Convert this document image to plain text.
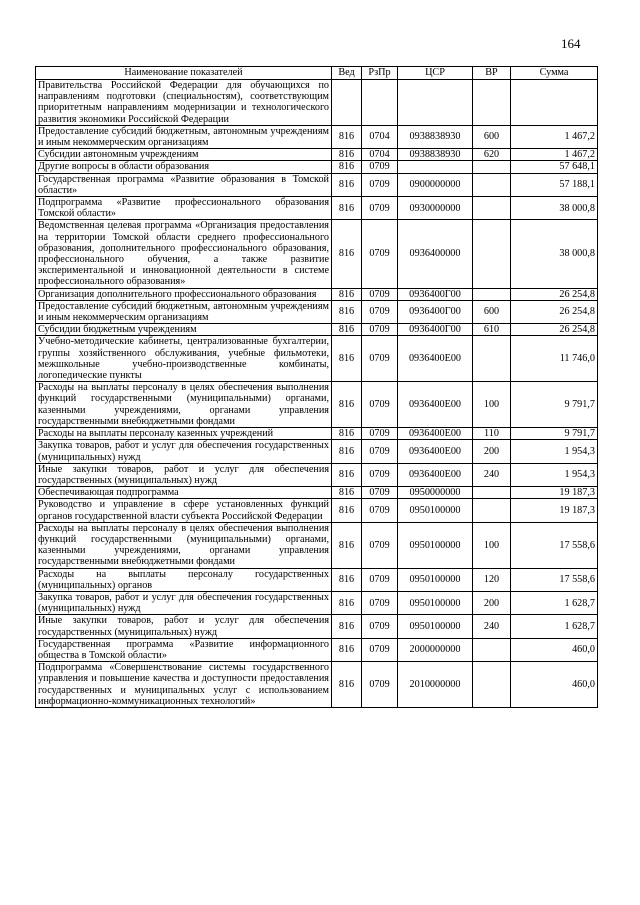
164
Наименование показателей	Вед	РзПр	ЦСР	ВР	Сумма
Правительства Российской Федерации для обучающихся по направлениям подготовки (специальностям), соответствующим приоритетным направлениям модернизации и технологического развития экономики Российской Федерации					
Предоставление субсидий бюджетным, автономным учреждениям и иным некоммерческим организациям	816	0704	0938838930	600	1 467,2
Субсидии автономным учреждениям	816	0704	0938838930	620	1 467,2
Другие вопросы в области образования	816	0709			57 648,1
Государственная программа «Развитие образования в Томской области»	816	0709	0900000000		57 188,1
Подпрограмма «Развитие профессионального образования Томской области»	816	0709	0930000000		38 000,8
Ведомственная целевая программа «Организация предоставления на территории Томской области среднего профессионального образования, дополнительного профессионального образования, профессионального обучения, а также развитие экспериментальной и инновационной деятельности в системе профессионального образования»	816	0709	0936400000		38 000,8
Организация дополнительного профессионального образования	816	0709	0936400Г00		26 254,8
Предоставление субсидий бюджетным, автономным учреждениям и иным некоммерческим организациям	816	0709	0936400Г00	600	26 254,8
Субсидии бюджетным учреждениям	816	0709	0936400Г00	610	26 254,8
Учебно-методические кабинеты, централизованные бухгалтерии, группы хозяйственного обслуживания, учебные фильмотеки, межшкольные учебно-производственные комбинаты, логопедические пункты	816	0709	0936400Е00		11 746,0
Расходы на выплаты персоналу в целях обеспечения выполнения функций государственными (муниципальными) органами, казенными учреждениями, органами управления государственными внебюджетными фондами	816	0709	0936400Е00	100	9 791,7
Расходы на выплаты персоналу казенных учреждений	816	0709	0936400Е00	110	9 791,7
Закупка товаров, работ и услуг для обеспечения государственных (муниципальных) нужд	816	0709	0936400Е00	200	1 954,3
Иные закупки товаров, работ и услуг для обеспечения государственных (муниципальных) нужд	816	0709	0936400Е00	240	1 954,3
Обеспечивающая подпрограмма	816	0709	0950000000		19 187,3
Руководство и управление в сфере установленных функций органов государственной власти субъекта Российской Федерации	816	0709	0950100000		19 187,3
Расходы на выплаты персоналу в целях обеспечения выполнения функций государственными (муниципальными) органами, казенными учреждениями, органами управления государственными внебюджетными фондами	816	0709	0950100000	100	17 558,6
Расходы на выплаты персоналу государственных (муниципальных) органов	816	0709	0950100000	120	17 558,6
Закупка товаров, работ и услуг для обеспечения государственных (муниципальных) нужд	816	0709	0950100000	200	1 628,7
Иные закупки товаров, работ и услуг для обеспечения государственных (муниципальных) нужд	816	0709	0950100000	240	1 628,7
Государственная программа «Развитие информационного общества в Томской области»	816	0709	2000000000		460,0
Подпрограмма «Совершенствование системы государственного управления и повышение качества и доступности предоставления государственных и муниципальных услуг с использованием информационно-коммуникационных технологий»	816	0709	2010000000		460,0
